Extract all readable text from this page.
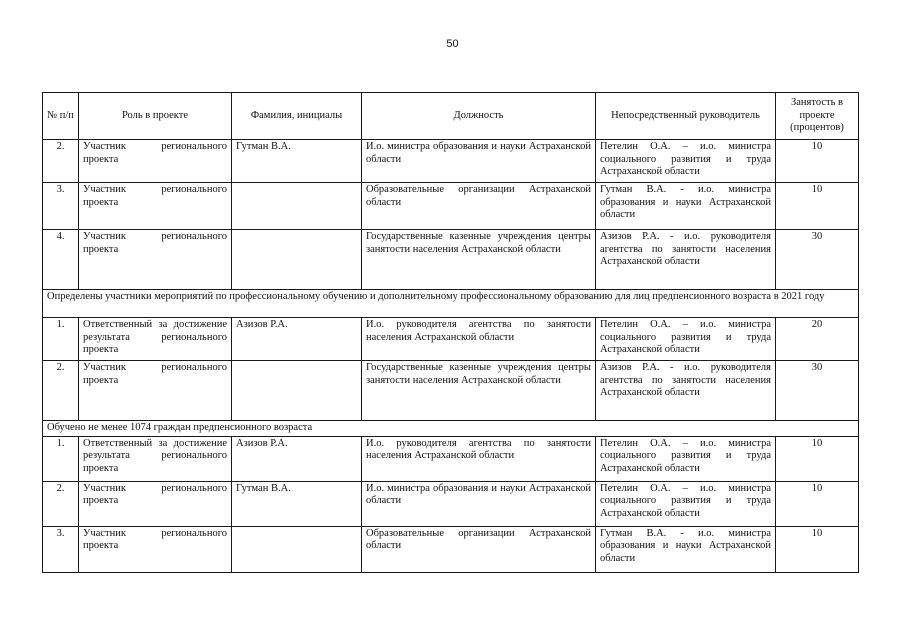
50
№ п/п	Роль в проекте	Фамилия, инициалы	Должность	Непосредственный руководитель	Занятость в проекте (процентов)
2.	Участник регионального проекта	Гутман В.А.	И.о. министра образования и науки Астраханской области	Петелин О.А. – и.о. министра социального развития и труда Астраханской области	10
3.	Участник регионального проекта		Образовательные организации Астраханской области	Гутман В.А. - и.о. министра образования и науки Астраханской области	10
4.	Участник регионального проекта		Государственные казенные учреждения центры занятости населения Астраханской области	Азизов Р.А. - и.о. руководителя агентства по занятости населения Астраханской области	30
Определены участники мероприятий по профессиональному обучению и дополнительному профессиональному образованию для лиц предпенсионного возраста в 2021 году					
1.	Ответственный за достижение результата регионального проекта	Азизов Р.А.	И.о. руководителя агентства по занятости населения Астраханской области	Петелин О.А. – и.о. министра социального развития и труда Астраханской области	20
2.	Участник регионального проекта		Государственные казенные учреждения центры занятости населения Астраханской области	Азизов Р.А. - и.о. руководителя агентства по занятости населения Астраханской области	30
Обучено не менее 1074 граждан предпенсионного возраста					
1.	Ответственный за достижение результата регионального проекта	Азизов Р.А.	И.о. руководителя агентства по занятости населения Астраханской области	Петелин О.А. – и.о. министра социального развития и труда Астраханской области	10
2.	Участник регионального проекта	Гутман В.А.	И.о. министра образования и науки Астраханской области	Петелин О.А. – и.о. министра социального развития и труда Астраханской области	10
3.	Участник регионального проекта		Образовательные организации Астраханской области	Гутман В.А. - и.о. министра образования и науки Астраханской области	10
